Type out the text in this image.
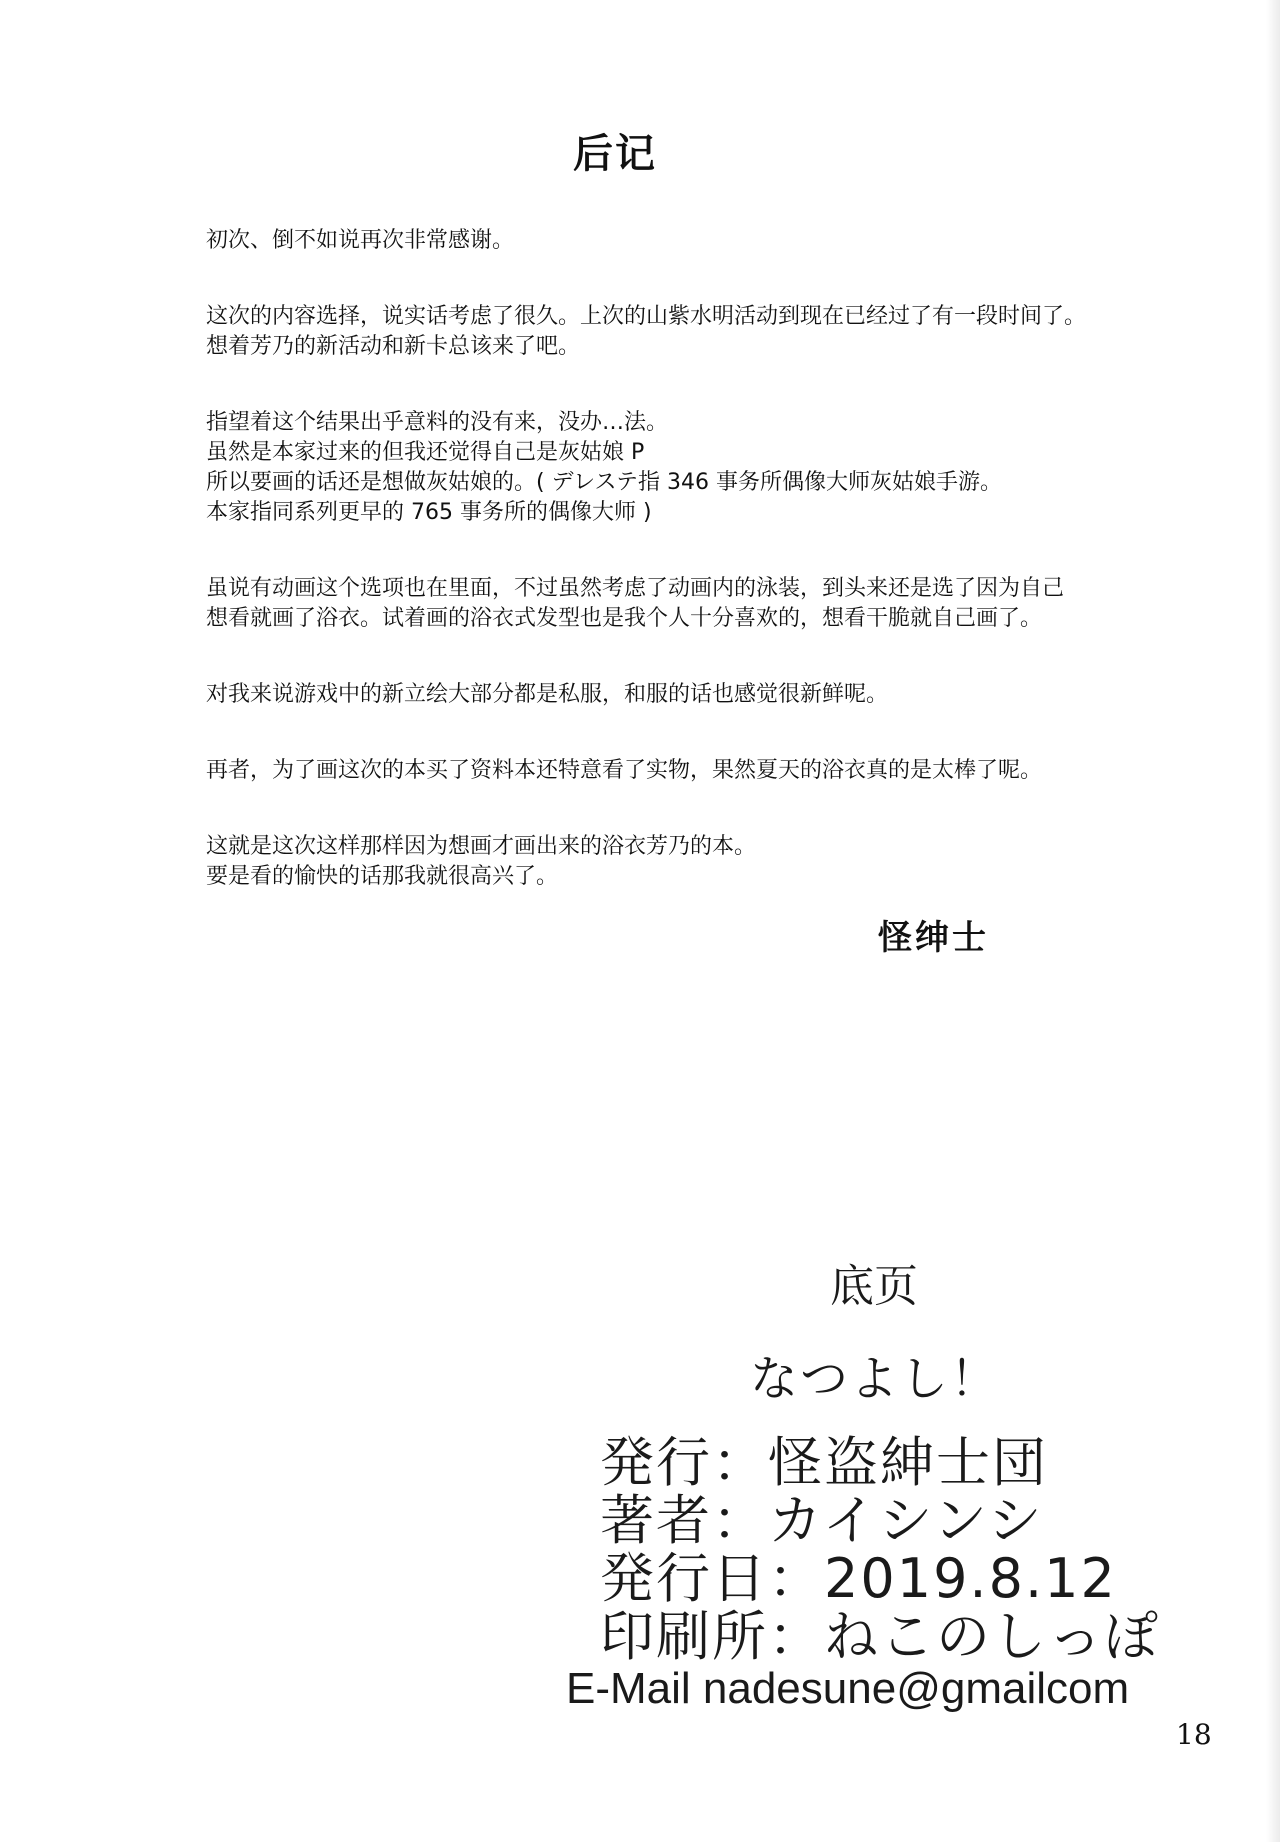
后记

初次、倒不如说再次非常感谢。

这次的内容选择，说实话考虑了很久。上次的山紫水明活动到现在已经过了有一段时间了。
想着芳乃的新活动和新卡总该来了吧。

指望着这个结果出乎意料的没有来，没办…法。
虽然是本家过来的但我还觉得自己是灰姑娘 P
所以要画的话还是想做灰姑娘的。( デレステ指 346 事务所偶像大师灰姑娘手游。
本家指同系列更早的 765 事务所的偶像大师 )

虽说有动画这个选项也在里面，不过虽然考虑了动画内的泳装，到头来还是选了因为自己
想看就画了浴衣。试着画的浴衣式发型也是我个人十分喜欢的，想看干脆就自己画了。

对我来说游戏中的新立绘大部分都是私服，和服的话也感觉很新鲜呢。

再者，为了画这次的本买了资料本还特意看了实物，果然夏天的浴衣真的是太棒了呢。

这就是这次这样那样因为想画才画出来的浴衣芳乃的本。
要是看的愉快的话那我就很高兴了。

怪绅士
底页
なつよし！
発行：怪盗紳士団
著者：カイシンシ
発行日：2019.8.12
印刷所：ねこのしっぽ
E-Mail nadesune@gmailcom
18
